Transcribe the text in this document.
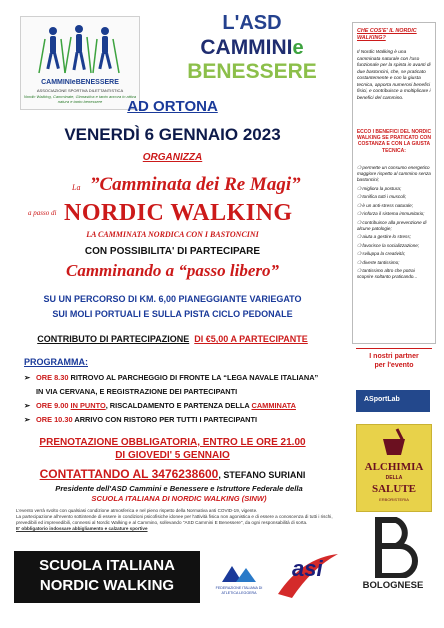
CAMMINIeBENESSERE
ASSOCIAZIONE SPORTIVA DILETTANTISTICA
Nordic Walking, Camminate, Ginnastica e tanto ancora in attiva natura e tanto benessere
L'ASD
CAMMINIe
BENESSERE
AD ORTONA
VENERDÌ 6 GENNAIO 2023
ORGANIZZA
La ”Camminata dei Re Magi”
a passo di NORDIC WALKING
LA CAMMINATA NORDICA CON I BASTONCINI
CON POSSIBILITA' DI PARTECIPARE
Camminando a “passo libero”
SU UN PERCORSO DI KM. 6,00 PIANEGGIANTE VARIEGATO
SUI MOLI PORTUALI E SULLA PISTA CICLO PEDONALE
CONTRIBUTO DI PARTECIPAZIONE DI €5,00 A PARTECIPANTE
PROGRAMMA:
➢ ORE 8.30 RITROVO AL PARCHEGGIO DI FRONTE LA “LEGA NAVALE ITALIANA”
IN VIA CERVANA, E REGISTRAZIONE DEI PARTECIPANTI
➢ ORE 9.00 IN PUNTO, RISCALDAMENTO E PARTENZA DELLA CAMMINATA
➢ ORE 10.30 ARRIVO CON RISTORO PER TUTTI I PARTECIPANTI
PRENOTAZIONE OBBLIGATORIA, ENTRO LE ORE 21.00
DI GIOVEDI' 5 GENNAIO
CONTATTANDO AL 3476238600, STEFANO SURIANI
Presidente dell'ASD Cammini e Benessere e Istruttore Federale della
SCUOLA ITALIANA DI NORDIC WALKING (SINW)
L'evento verrà svolto con qualsiasi condizione atmosferica e nel pieno rispetto della Normativa anti COVID-19, vigente.
La partecipazione all'evento sottintende di essere in condizioni psicofisiche idonee per l'attività fisica non agonistica e di essere a conoscenza di tutti i rischi, prevedibili ed imprevedibili, connessi al Nordic Walking e al Cammino, sollevando "ASD Cammini E Benessere", da ogni responsabilità di sorta.
E' obbligatorio indossare abbigliamento e calzature sportive
SCUOLA ITALIANA
NORDIC WALKING	FEDERAZIONE ITALIANA DI ATLETICA LEGGERA
asi
CHE COS'E' IL NORDIC WALKING?
Il Nordic Walking è una camminata naturale con l'uso funzionale per la spinta in avanti di due bastoncini, che, se praticato costantemente e con la giusta tecnica, apporta numerosi benefici fisici, e contribuisce a moltiplicare i benefici del cammino.
ECCO I BENEFICI DEL NORDIC WALKING SE PRATICATO CON COSTANZA E CON LA GIUSTA TECNICA:
❍ permette un consumo energetico maggiore rispetto al cammino senza bastoncini;
❍ migliora la postura;
❍ tonifica tutti i muscoli;
❍ è un anti-stress naturale;
❍ rinforza il sistema immunitario;
❍ contribuisce alla prevenzione di alcune patologie;
❍ aiuta a gestire lo stress;
❍ favorisce la socializzazione;
❍ sviluppa la creatività;
❍ diverte tantissimo;
❍ tantissimo altro che potrai scoprire soltanto praticando...
I nostri partner
per l'evento
ASportLab
ALCHIMIA
DELLA
SALUTE
ERBORISTERIA
BOLOGNESE
